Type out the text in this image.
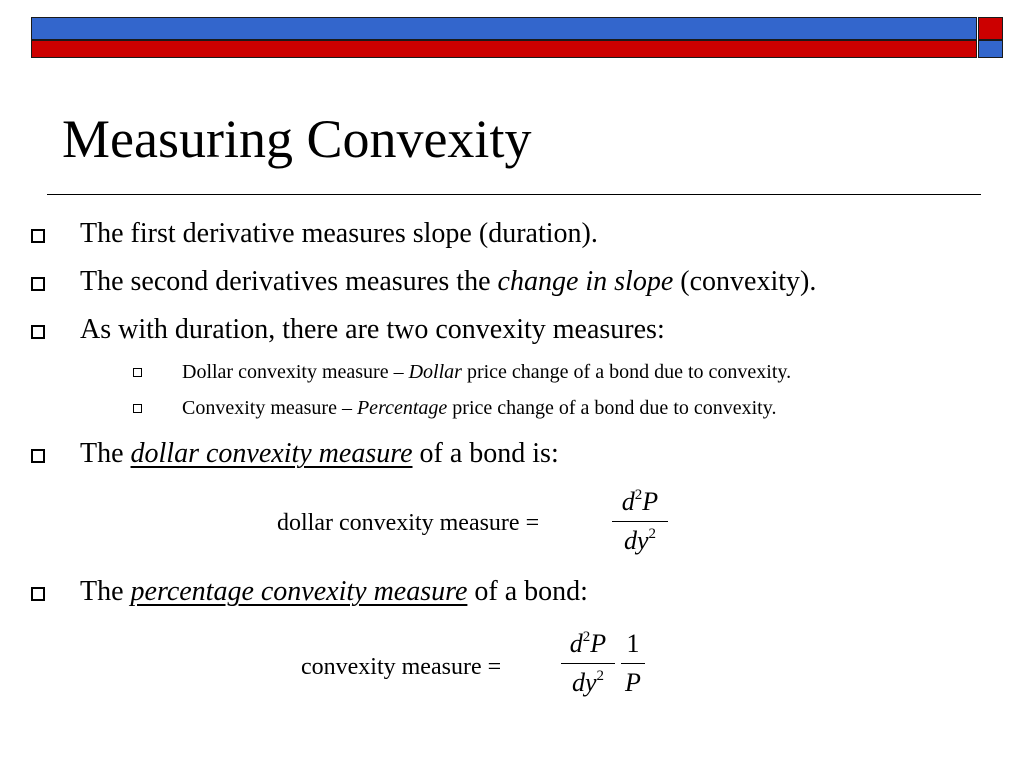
Measuring Convexity
The first derivative measures slope (duration).
The second derivatives measures the change in slope (convexity).
As with duration, there are two convexity measures:
Dollar convexity measure – Dollar price change of a bond due to convexity.
Convexity measure – Percentage price change of a bond due to convexity.
The dollar convexity measure of a bond is:
dollar convexity measure =
$d^2P$
$dy^2$
The percentage convexity measure of a bond:
convexity measure =
$d^2P$
$dy^2$
1
P
